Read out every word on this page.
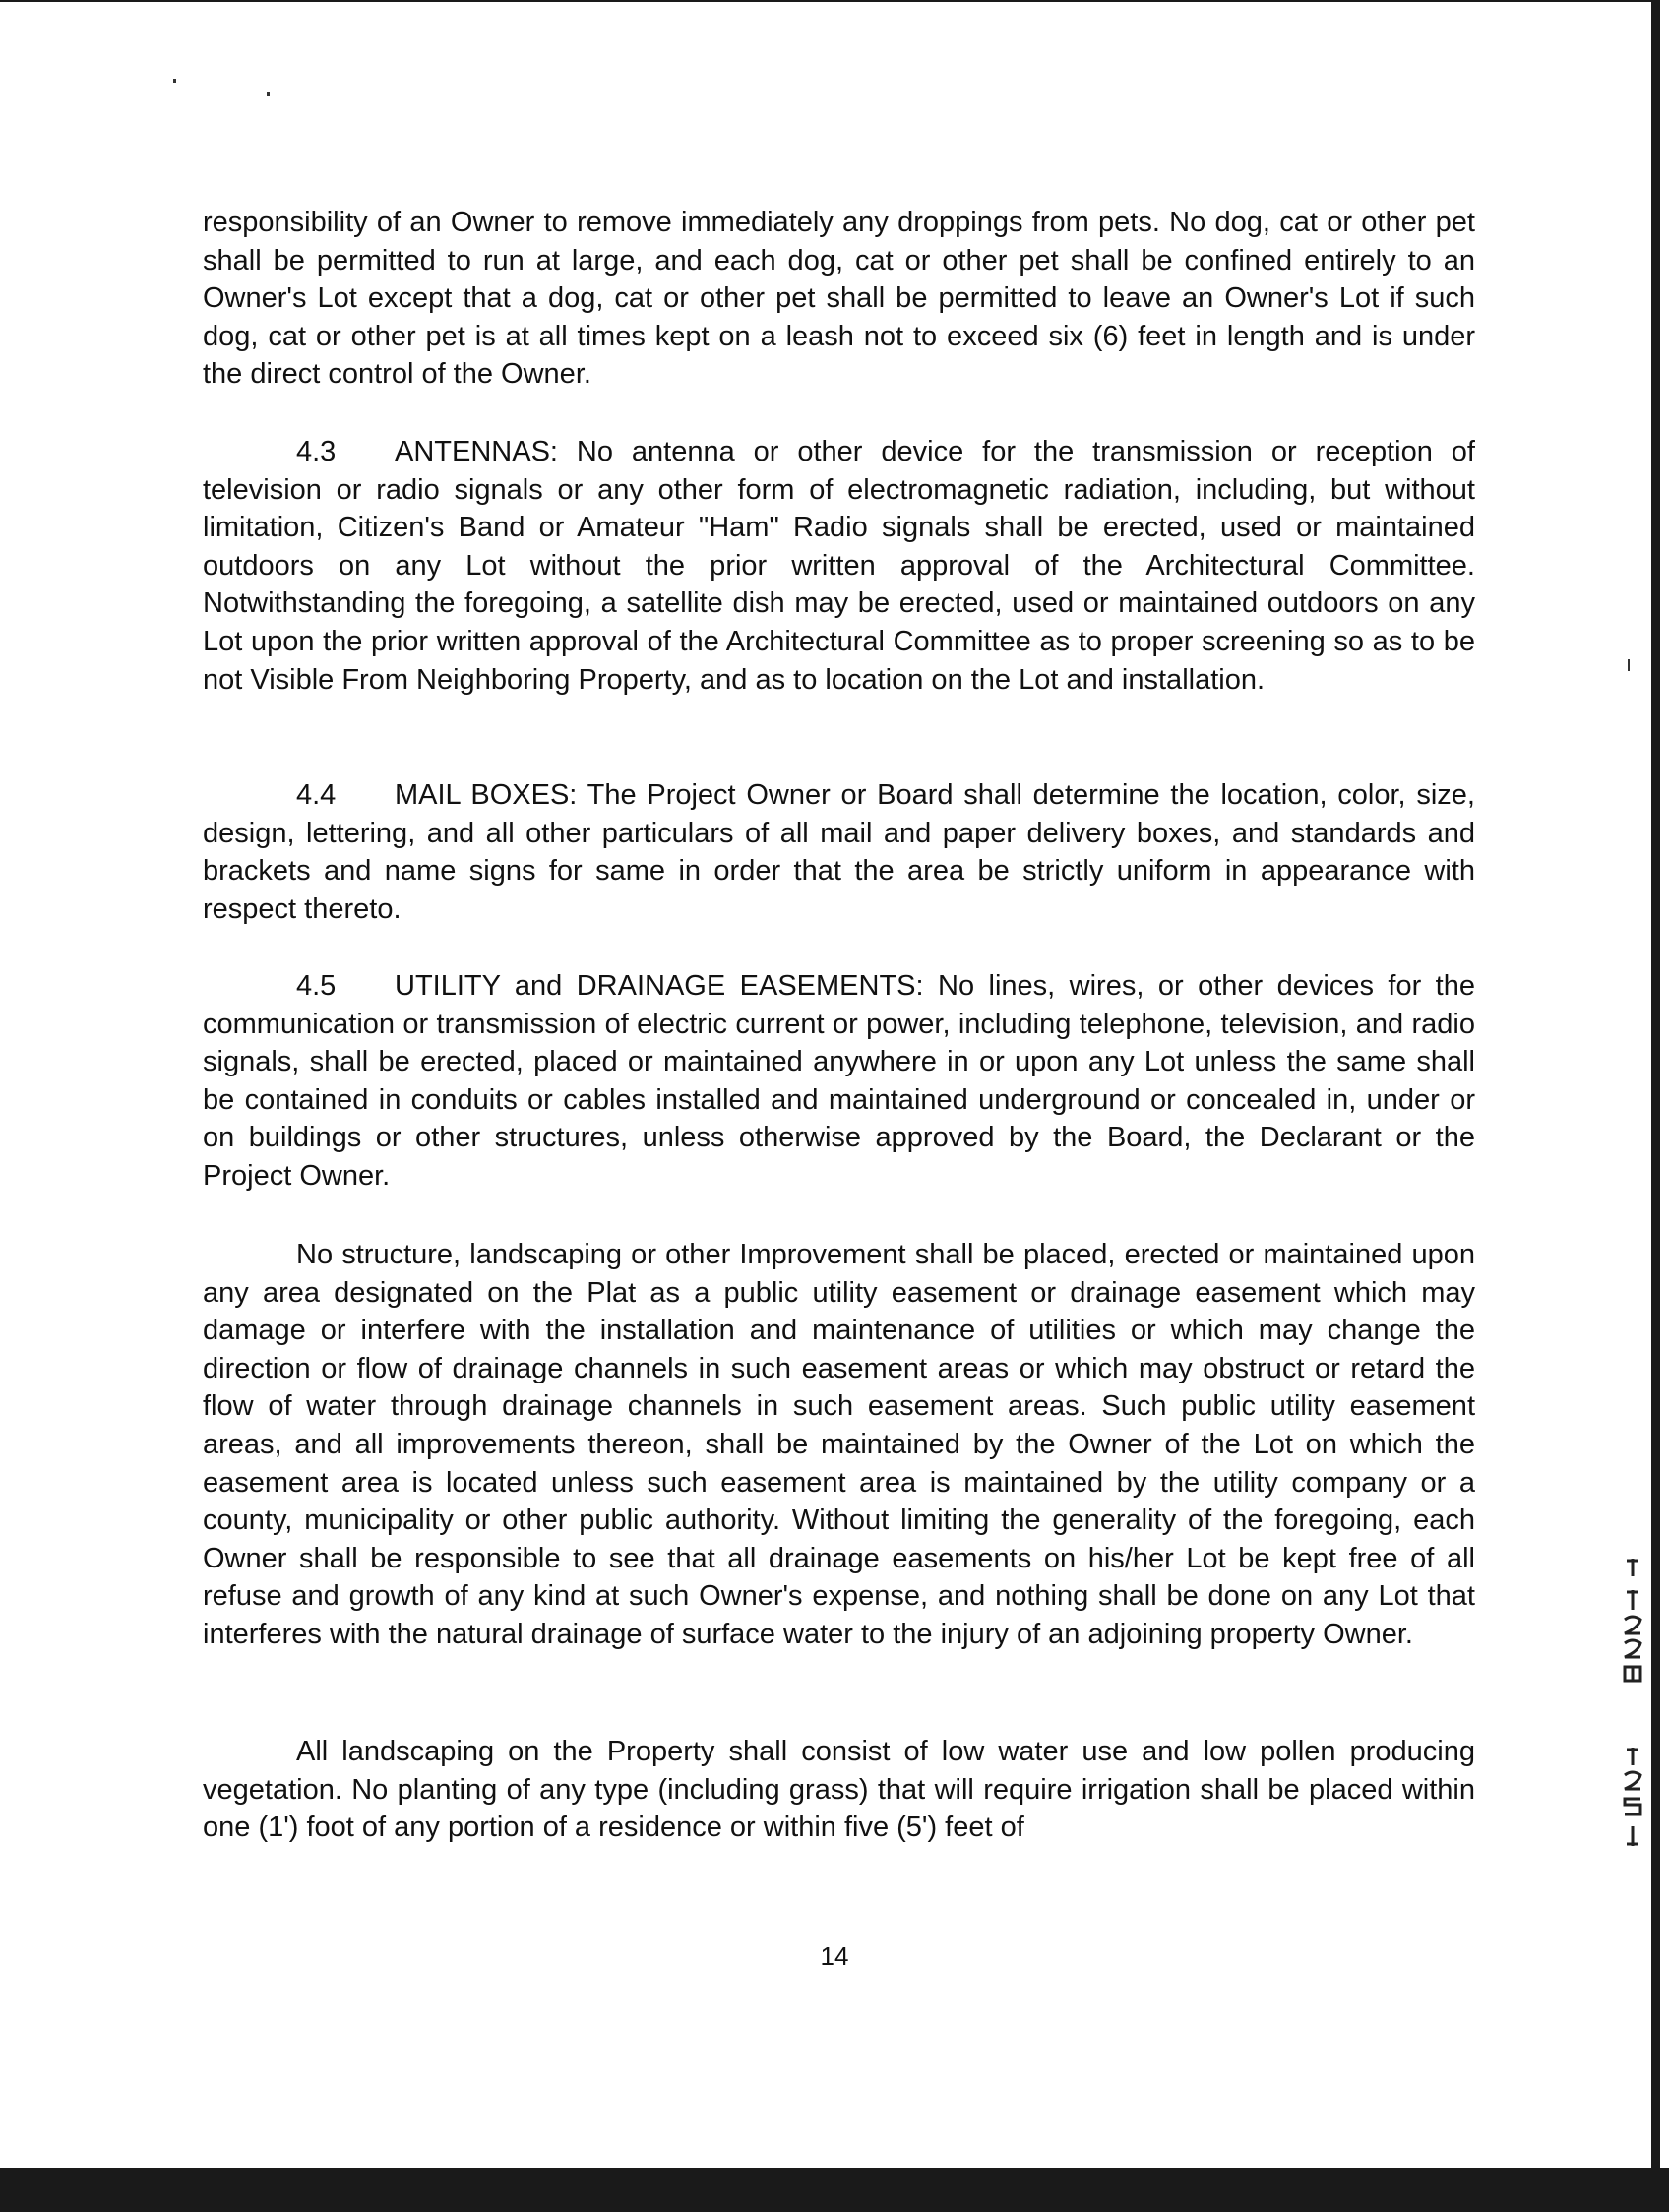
responsibility of an Owner to remove immediately any droppings from pets. No dog, cat or other pet shall be permitted to run at large, and each dog, cat or other pet shall be confined entirely to an Owner's Lot except that a dog, cat or other pet shall be permitted to leave an Owner's Lot if such dog, cat or other pet is at all times kept on a leash not to exceed six (6) feet in length and is under the direct control of the Owner.

4.3 ANTENNAS: No antenna or other device for the transmission or reception of television or radio signals or any other form of electromagnetic radiation, including, but without limitation, Citizen's Band or Amateur "Ham" Radio signals shall be erected, used or maintained outdoors on any Lot without the prior written approval of the Architectural Committee. Notwithstanding the foregoing, a satellite dish may be erected, used or maintained outdoors on any Lot upon the prior written approval of the Architectural Committee as to proper screening so as to be not Visible From Neighboring Property, and as to location on the Lot and installation.

4.4 MAIL BOXES: The Project Owner or Board shall determine the location, color, size, design, lettering, and all other particulars of all mail and paper delivery boxes, and standards and brackets and name signs for same in order that the area be strictly uniform in appearance with respect thereto.

4.5 UTILITY and DRAINAGE EASEMENTS: No lines, wires, or other devices for the communication or transmission of electric current or power, including telephone, television, and radio signals, shall be erected, placed or maintained anywhere in or upon any Lot unless the same shall be contained in conduits or cables installed and maintained underground or concealed in, under or on buildings or other structures, unless otherwise approved by the Board, the Declarant or the Project Owner.

No structure, landscaping or other Improvement shall be placed, erected or maintained upon any area designated on the Plat as a public utility easement or drainage easement which may damage or interfere with the installation and maintenance of utilities or which may change the direction or flow of drainage channels in such easement areas or which may obstruct or retard the flow of water through drainage channels in such easement areas. Such public utility easement areas, and all improvements thereon, shall be maintained by the Owner of the Lot on which the easement area is located unless such easement area is maintained by the utility company or a county, municipality or other public authority. Without limiting the generality of the foregoing, each Owner shall be responsible to see that all drainage easements on his/her Lot be kept free of all refuse and growth of any kind at such Owner's expense, and nothing shall be done on any Lot that interferes with the natural drainage of surface water to the injury of an adjoining property Owner.

All landscaping on the Property shall consist of low water use and low pollen producing vegetation. No planting of any type (including grass) that will require irrigation shall be placed within one (1') foot of any portion of a residence or within five (5') feet of

14
